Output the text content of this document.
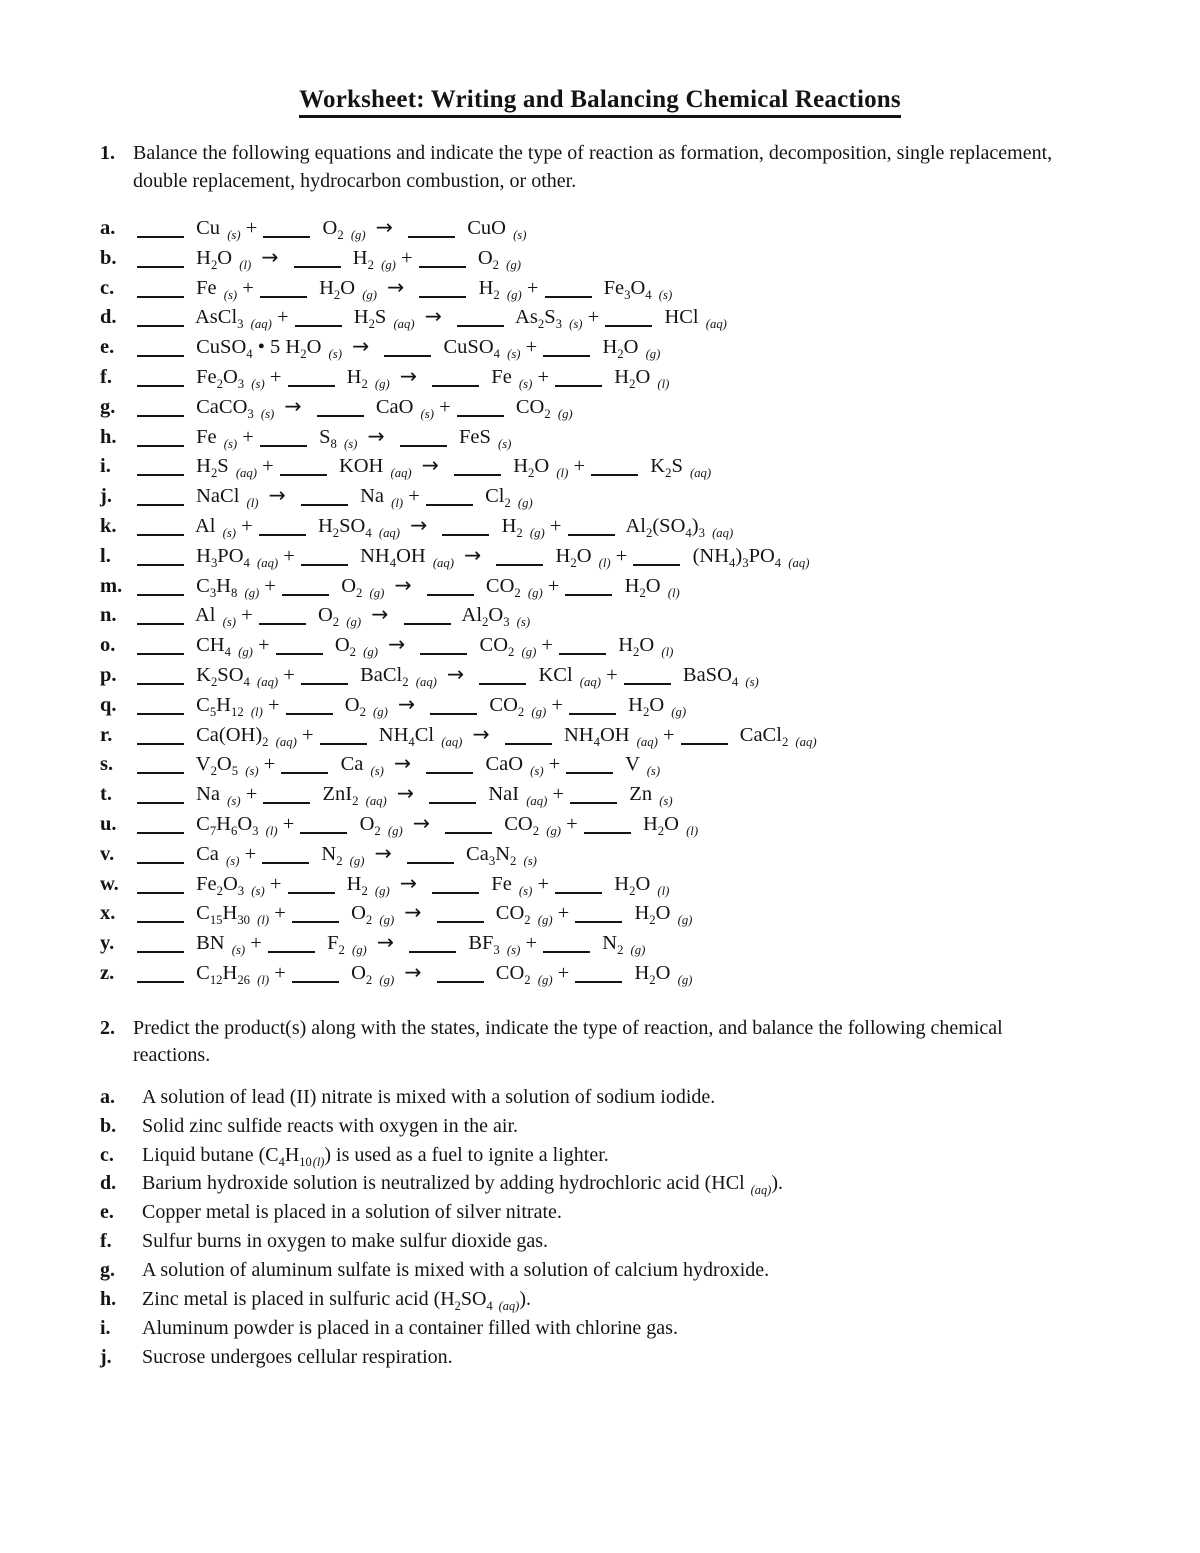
Worksheet: Writing and Balancing Chemical Reactions
1. Balance the following equations and indicate the type of reaction as formation, decomposition, single replacement, double replacement, hydrocarbon combustion, or other.
a.	Cu $_{(s)}$ +	$O_2$ $_{(g)}$ →	CuO $_{(s)}$
b.	$H_2O$ $_{(l)}$ →	$H_2$ $_{(g)}$ +	$O_2$ $_{(g)}$
c.	Fe $_{(s)}$ +	$H_2O$ $_{(g)}$ →	$H_2$ $_{(g)}$ +	$Fe_3O_4$ $_{(s)}$
d.	AsCl$_3$ $_{(aq)}$ +	$H_2S$ $_{(aq)}$ →	$As_2S_3$ $_{(s)}$ +	HCl $_{(aq)}$
e.	CuSO$_4$ • 5 $H_2O$ $_{(s)}$ →	CuSO$_4$ $_{(s)}$ +	$H_2O$ $_{(g)}$
f.	$Fe_2O_3$ $_{(s)}$ +	$H_2$ $_{(g)}$ →	Fe $_{(s)}$ +	$H_2O$ $_{(l)}$
g.	CaCO$_3$ $_{(s)}$ →	CaO $_{(s)}$ +	$CO_2$ $_{(g)}$
h.	Fe $_{(s)}$ +	$S_8$ $_{(s)}$ →	FeS $_{(s)}$
i.	$H_2S$ $_{(aq)}$ +	KOH $_{(aq)}$ →	$H_2O$ $_{(l)}$ +	$K_2S$ $_{(aq)}$
j.	NaCl $_{(l)}$ →	Na $_{(l)}$ +	$Cl_2$ $_{(g)}$
k.	Al $_{(s)}$ +	$H_2SO_4$ $_{(aq)}$ →	$H_2$ $_{(g)}$ +	$Al_2(SO_4)_3$ $_{(aq)}$
l.	$H_3PO_4$ $_{(aq)}$ +	$NH_4OH$ $_{(aq)}$ →	$H_2O$ $_{(l)}$ +	$(NH_4)_3PO_4$ $_{(aq)}$
m.	$C_3H_8$ $_{(g)}$ +	$O_2$ $_{(g)}$ →	$CO_2$ $_{(g)}$ +	$H_2O$ $_{(l)}$
n.	Al $_{(s)}$ +	$O_2$ $_{(g)}$ →	$Al_2O_3$ $_{(s)}$
o.	$CH_4$ $_{(g)}$ +	$O_2$ $_{(g)}$ →	$CO_2$ $_{(g)}$ +	$H_2O$ $_{(l)}$
p.	$K_2SO_4$ $_{(aq)}$ +	BaCl$_2$ $_{(aq)}$ →	KCl $_{(aq)}$ +	BaSO$_4$ $_{(s)}$
q.	$C_5H_{12}$ $_{(l)}$ +	$O_2$ $_{(g)}$ →	$CO_2$ $_{(g)}$ +	$H_2O$ $_{(g)}$
r.	$Ca(OH)_2$ $_{(aq)}$ +	$NH_4Cl$ $_{(aq)}$ →	$NH_4OH$ $_{(aq)}$ +	CaCl$_2$ $_{(aq)}$
s.	$V_2O_5$ $_{(s)}$ +	Ca $_{(s)}$ →	CaO $_{(s)}$ +	V $_{(s)}$
t.	Na $_{(s)}$ +	ZnI$_2$ $_{(aq)}$ →	NaI $_{(aq)}$ +	Zn $_{(s)}$
u.	$C_7H_6O_3$ $_{(l)}$ +	$O_2$ $_{(g)}$ →	$CO_2$ $_{(g)}$ +	$H_2O$ $_{(l)}$
v.	Ca $_{(s)}$ +	$N_2$ $_{(g)}$ →	$Ca_3N_2$ $_{(s)}$
w.	$Fe_2O_3$ $_{(s)}$ +	$H_2$ $_{(g)}$ →	Fe $_{(s)}$ +	$H_2O$ $_{(l)}$
x.	$C_{15}H_{30}$ $_{(l)}$ +	$O_2$ $_{(g)}$ →	$CO_2$ $_{(g)}$ +	$H_2O$ $_{(g)}$
y.	BN $_{(s)}$ +	$F_2$ $_{(g)}$ →	$BF_3$ $_{(s)}$ +	$N_2$ $_{(g)}$
z.	$C_{12}H_{26}$ $_{(l)}$ +	$O_2$ $_{(g)}$ →	$CO_2$ $_{(g)}$ +	$H_2O$ $_{(g)}$
2. Predict the product(s) along with the states, indicate the type of reaction, and balance the following chemical reactions.
a. A solution of lead (II) nitrate is mixed with a solution of sodium iodide.
b. Solid zinc sulfide reacts with oxygen in the air.
c. Liquid butane $(C_4H_{10(l)})$ is used as a fuel to ignite a lighter.
d. Barium hydroxide solution is neutralized by adding hydrochloric acid (HCl $_{(aq)}$).
e. Copper metal is placed in a solution of silver nitrate.
f. Sulfur burns in oxygen to make sulfur dioxide gas.
g. A solution of aluminum sulfate is mixed with a solution of calcium hydroxide.
h. Zinc metal is placed in sulfuric acid ($H_2SO_4$ $_{(aq)}$).
i. Aluminum powder is placed in a container filled with chlorine gas.
j. Sucrose undergoes cellular respiration.
